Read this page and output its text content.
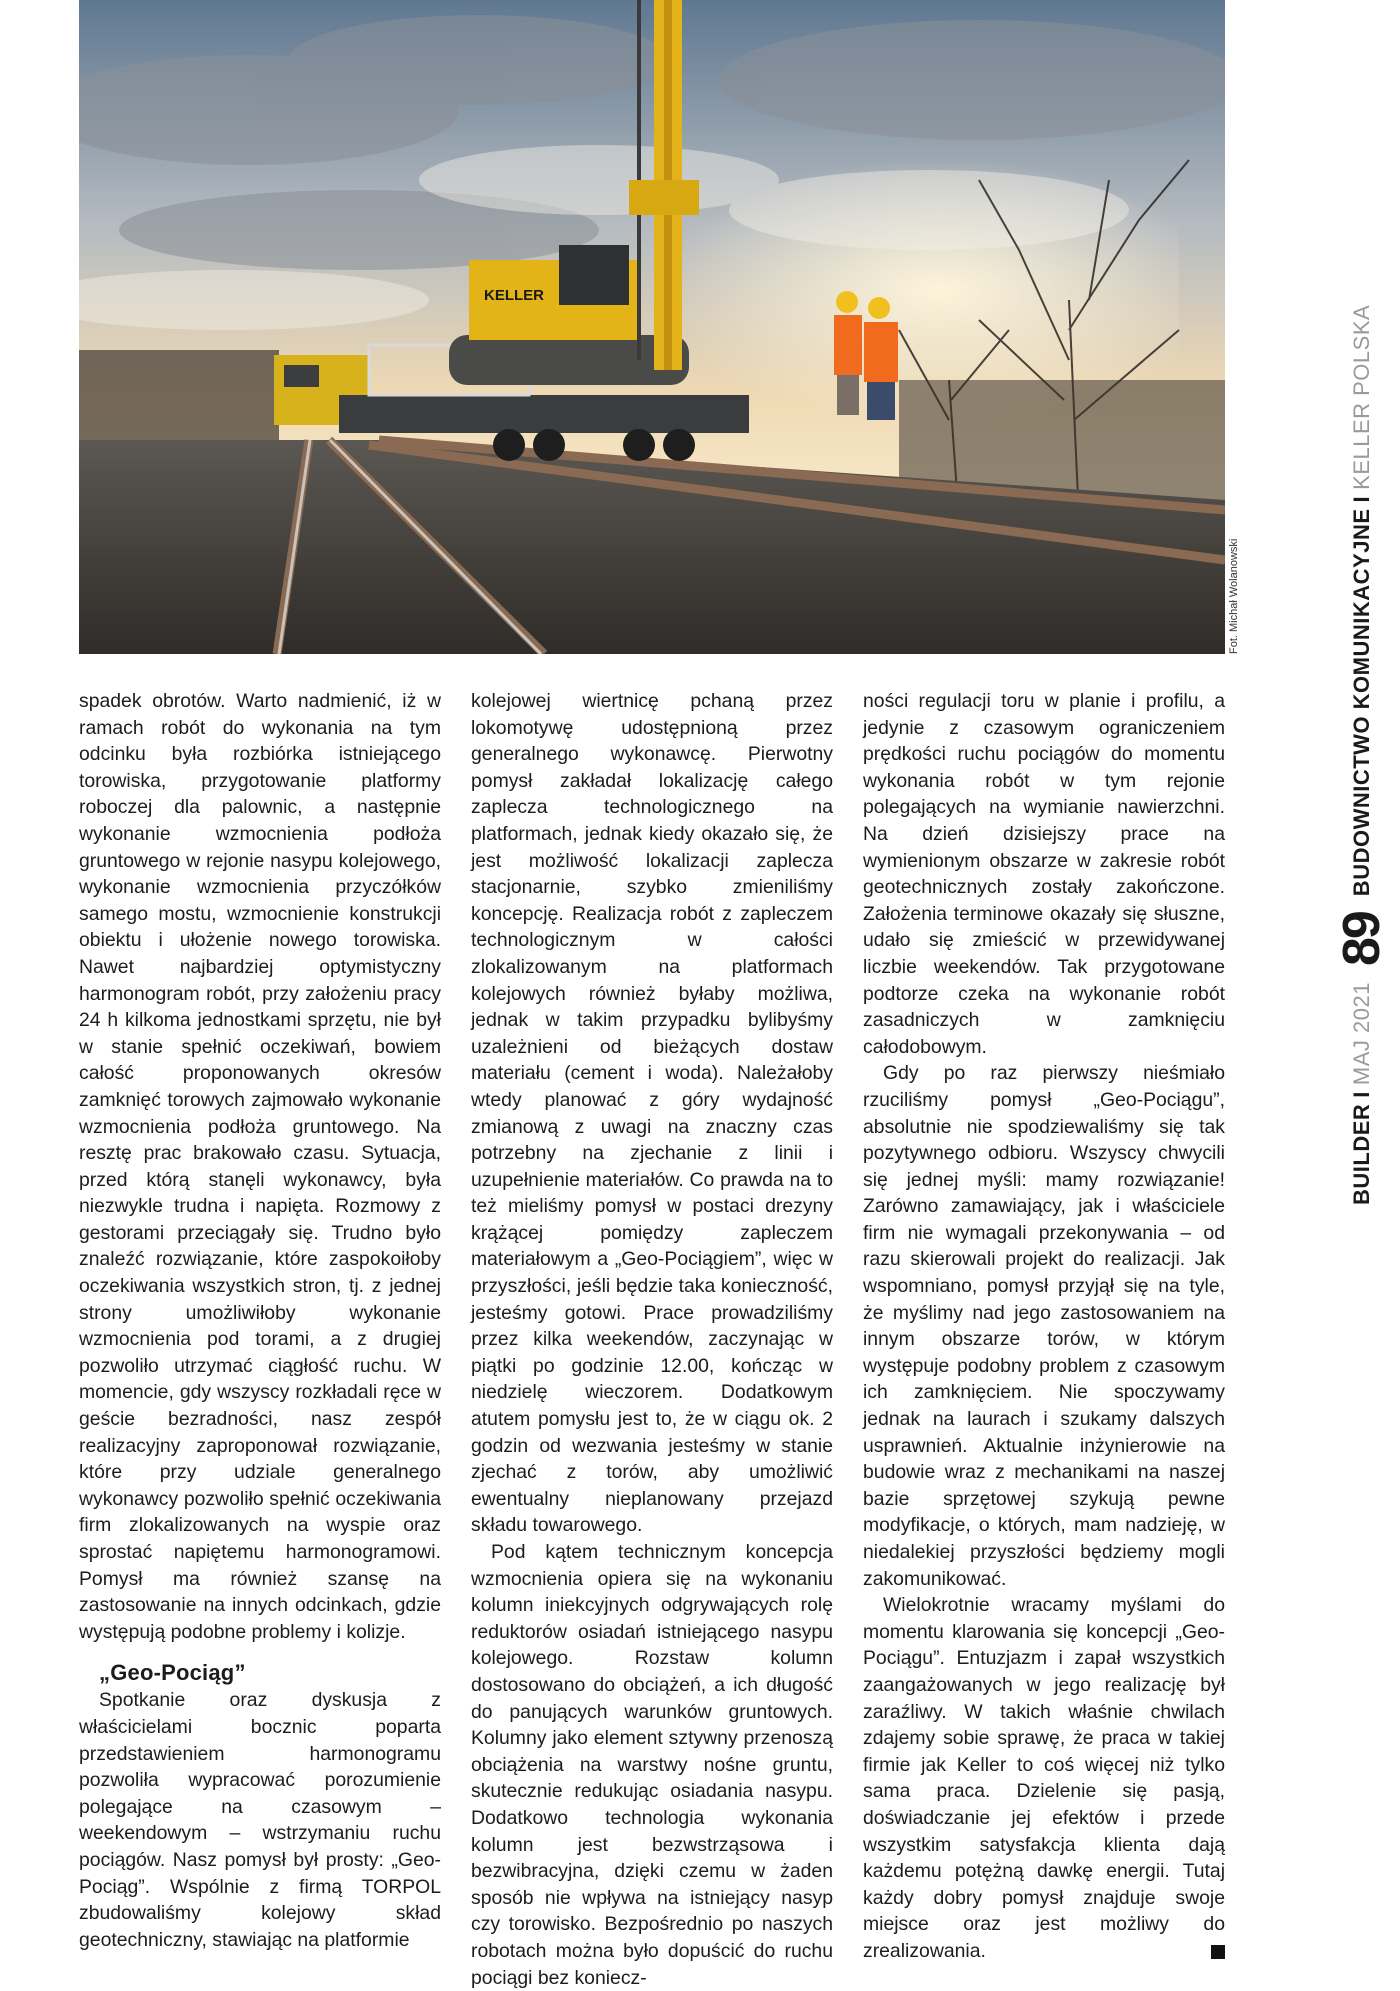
KELLER
Fot. Michał Wolanowski
BUILDER
I
MAJ 2021
89
BUDOWNICTWO KOMUNIKACYJNE
I
KELLER POLSKA

spadek obrotów. Warto nadmienić, iż w ramach robót do wykonania na tym odcinku była rozbiórka istniejącego torowiska, przygotowanie platformy roboczej dla palownic, a następnie wykonanie wzmocnienia podłoża gruntowego w rejonie nasypu kolejowego, wykonanie wzmocnienia przyczółków samego mostu, wzmocnienie konstrukcji obiektu i ułożenie nowego torowiska. Nawet najbardziej optymistyczny harmonogram robót, przy założeniu pracy 24 h kilkoma jednostkami sprzętu, nie był w stanie spełnić oczekiwań, bowiem całość proponowanych okresów zamknięć torowych zajmowało wykonanie wzmocnienia podłoża gruntowego. Na resztę prac brakowało czasu. Sytuacja, przed którą stanęli wykonawcy, była niezwykle trudna i napięta. Rozmowy z gestorami przeciągały się. Trudno było znaleźć rozwiązanie, które zaspokoiłoby oczekiwania wszystkich stron, tj. z jednej strony umożliwiłoby wykonanie wzmocnienia pod torami, a z drugiej pozwoliło utrzymać ciągłość ruchu. W momencie, gdy wszyscy rozkładali ręce w geście bezradności, nasz zespół realizacyjny zaproponował rozwiązanie, które przy udziale generalnego wykonawcy pozwoliło spełnić oczekiwania firm zlokalizowanych na wyspie oraz sprostać napiętemu harmonogramowi. Pomysł ma również szansę na zastosowanie na innych odcinkach, gdzie występują podobne problemy i kolizje.

„Geo-Pociąg”

Spotkanie oraz dyskusja z właścicielami bocznic poparta przedstawieniem harmonogramu pozwoliła wypracować porozumienie polegające na czasowym – weekendowym – wstrzymaniu ruchu pociągów. Nasz pomysł był prosty: „Geo-Pociąg”. Wspólnie z firmą TORPOL zbudowaliśmy kolejowy skład geotechniczny, stawiając na platformie

kolejowej wiertnicę pchaną przez lokomotywę udostępnioną przez generalnego wykonawcę. Pierwotny pomysł zakładał lokalizację całego zaplecza technologicznego na platformach, jednak kiedy okazało się, że jest możliwość lokalizacji zaplecza stacjonarnie, szybko zmieniliśmy koncepcję. Realizacja robót z zapleczem technologicznym w całości zlokalizowanym na platformach kolejowych również byłaby możliwa, jednak w takim przypadku bylibyśmy uzależnieni od bieżących dostaw materiału (cement i woda). Należałoby wtedy planować z góry wydajność zmianową z uwagi na znaczny czas potrzebny na zjechanie z linii i uzupełnienie materiałów. Co prawda na to też mieliśmy pomysł w postaci drezyny krążącej pomiędzy zapleczem materiałowym a „Geo-Pociągiem”, więc w przyszłości, jeśli będzie taka konieczność, jesteśmy gotowi. Prace prowadziliśmy przez kilka weekendów, zaczynając w piątki po godzinie 12.00, kończąc w niedzielę wieczorem. Dodatkowym atutem pomysłu jest to, że w ciągu ok. 2 godzin od wezwania jesteśmy w stanie zjechać z torów, aby umożliwić ewentualny nieplanowany przejazd składu towarowego.

Pod kątem technicznym koncepcja wzmocnienia opiera się na wykonaniu kolumn iniekcyjnych odgrywających rolę reduktorów osiadań istniejącego nasypu kolejowego. Rozstaw kolumn dostosowano do obciążeń, a ich długość do panujących warunków gruntowych. Kolumny jako element sztywny przenoszą obciążenia na warstwy nośne gruntu, skutecznie redukując osiadania nasypu. Dodatkowo technologia wykonania kolumn jest bezwstrząsowa i bezwibracyjna, dzięki czemu w żaden sposób nie wpływa na istniejący nasyp czy torowisko. Bezpośrednio po naszych robotach można było dopuścić do ruchu pociągi bez koniecz-

ności regulacji toru w planie i profilu, a jedynie z czasowym ograniczeniem prędkości ruchu pociągów do momentu wykonania robót w tym rejonie polegających na wymianie nawierzchni. Na dzień dzisiejszy prace na wymienionym obszarze w zakresie robót geotechnicznych zostały zakończone. Założenia terminowe okazały się słuszne, udało się zmieścić w przewidywanej liczbie weekendów. Tak przygotowane podtorze czeka na wykonanie robót zasadniczych w zamknięciu całodobowym.

Gdy po raz pierwszy nieśmiało rzuciliśmy pomysł „Geo-Pociągu”, absolutnie nie spodziewaliśmy się tak pozytywnego odbioru. Wszyscy chwycili się jednej myśli: mamy rozwiązanie! Zarówno zamawiający, jak i właściciele firm nie wymagali przekonywania – od razu skierowali projekt do realizacji. Jak wspomniano, pomysł przyjął się na tyle, że myślimy nad jego zastosowaniem na innym obszarze torów, w którym występuje podobny problem z czasowym ich zamknięciem. Nie spoczywamy jednak na laurach i szukamy dalszych usprawnień. Aktualnie inżynierowie na budowie wraz z mechanikami na naszej bazie sprzętowej szykują pewne modyfikacje, o których, mam nadzieję, w niedalekiej przyszłości będziemy mogli zakomunikować.

Wielokrotnie wracamy myślami do momentu klarowania się koncepcji „Geo-Pociągu”. Entuzjazm i zapał wszystkich zaangażowanych w jego realizację był zaraźliwy. W takich właśnie chwilach zdajemy sobie sprawę, że praca w takiej firmie jak Keller to coś więcej niż tylko sama praca. Dzielenie się pasją, doświadczanie jej efektów i przede wszystkim satysfakcja klienta dają każdemu potężną dawkę energii. Tutaj każdy dobry pomysł znajduje swoje miejsce oraz jest możliwy do zrealizowania.
